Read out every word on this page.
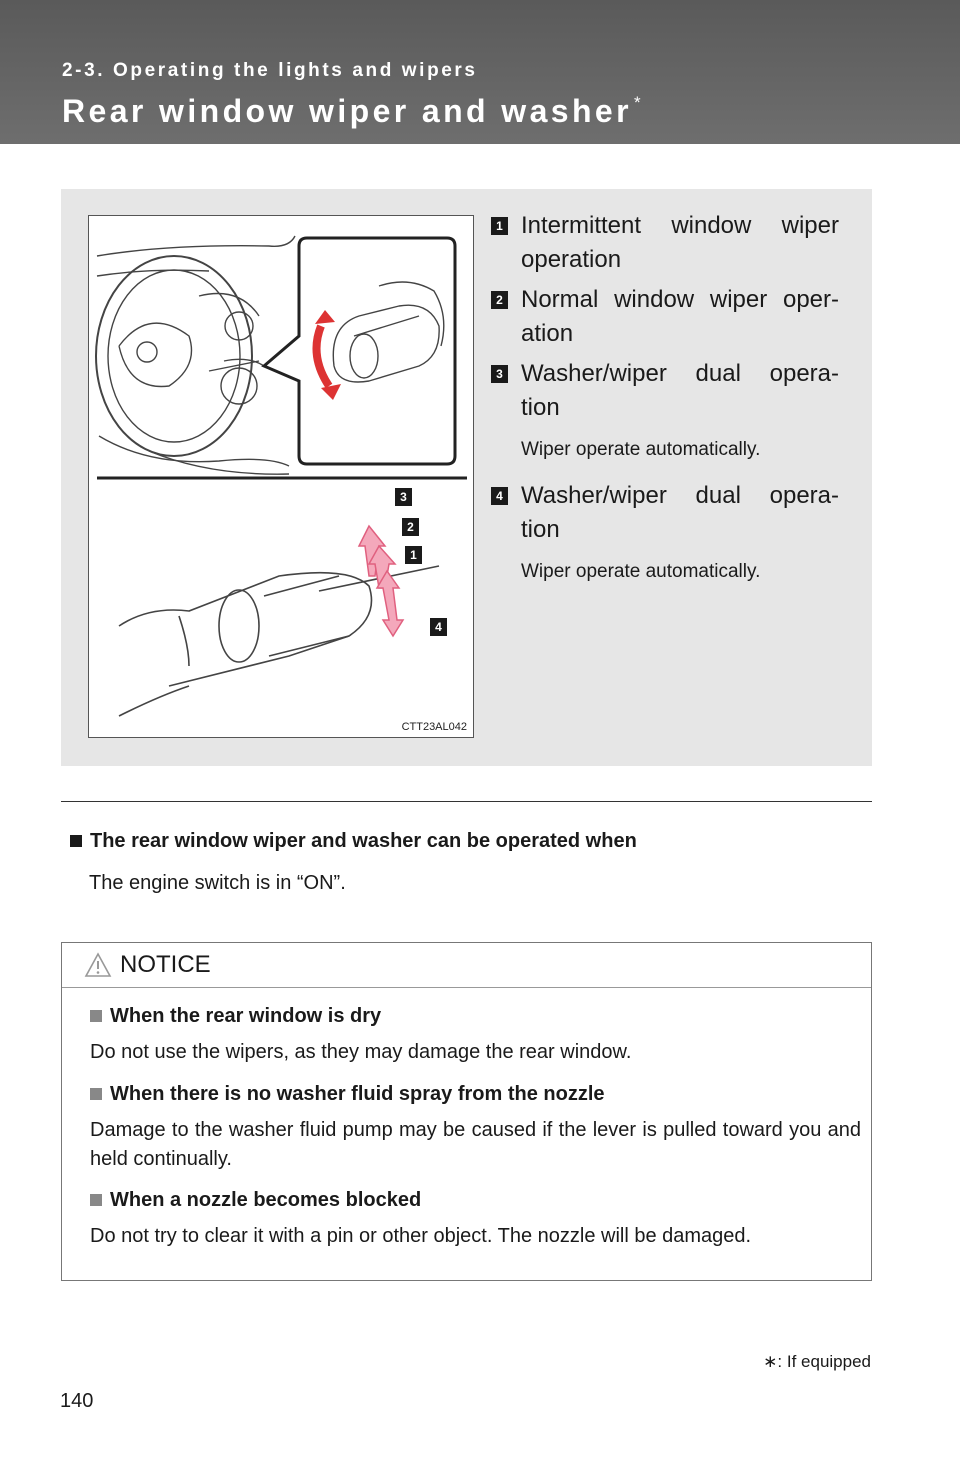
2-3. Operating the lights and wipers
Rear window wiper and washer *
3
2
1
4
CTT23AL042
1 Intermittent window wiper operation
2 Normal window wiper oper- ation
3 Washer/wiper dual opera- tion
Wiper operate automatically.
4 Washer/wiper dual opera- tion
Wiper operate automatically.
The rear window wiper and washer can be operated when
The engine switch is in “ON”.
NOTICE
When the rear window is dry
Do not use the wipers, as they may damage the rear window.
When there is no washer fluid spray from the nozzle
Damage to the washer fluid pump may be caused if the lever is pulled toward you and held continually.
When a nozzle becomes blocked
Do not try to clear it with a pin or other object. The nozzle will be damaged.
∗: If equipped
140
